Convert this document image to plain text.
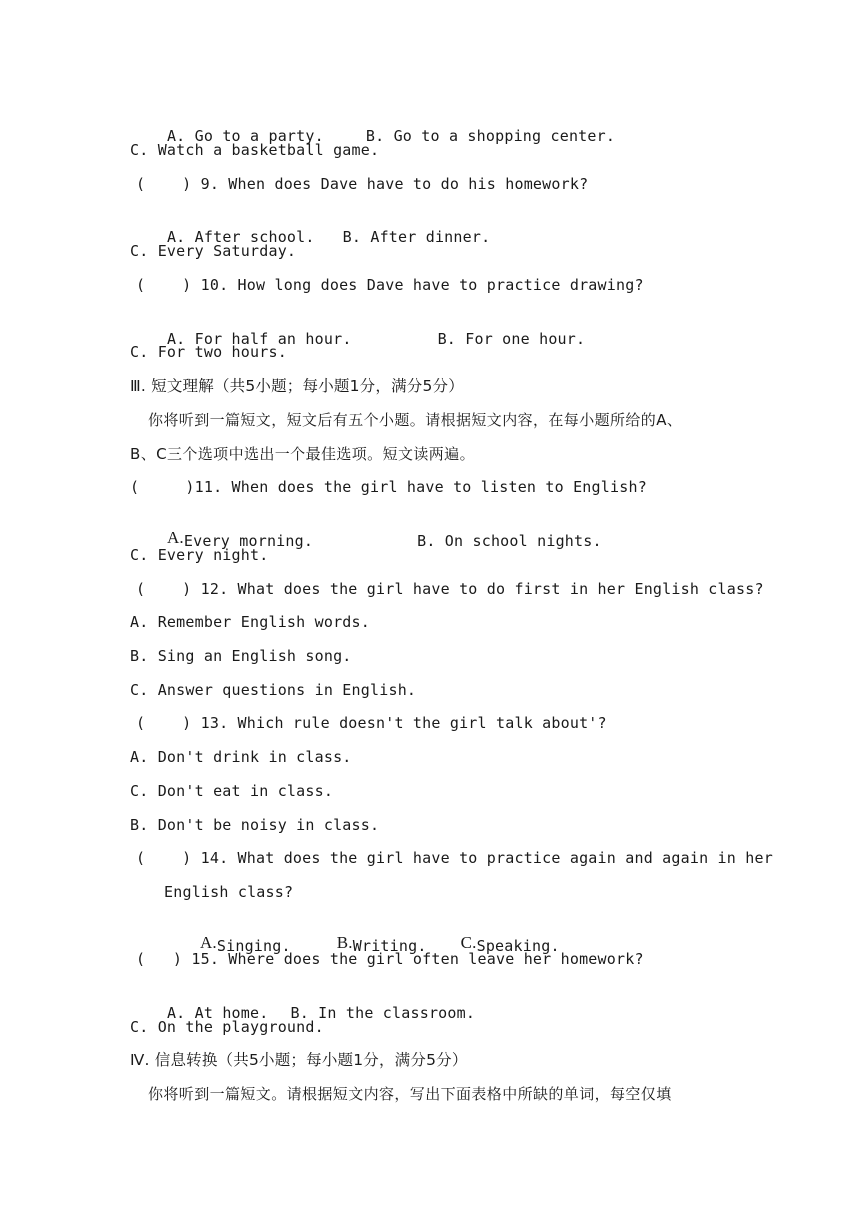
A. Go to a party.	B. Go to a shopping center.

C. Watch a basketball game.
(    ) 9. When does Dave have to do his homework?

A. After school. B. After dinner.

C. Every Saturday.
(    ) 10. How long does Dave have to practice drawing?

A. For half an hour.	B. For one hour.

C. For two hours.
Ⅲ. 短文理解（共5小题；每小题1分，满分5分）
你将听到一篇短文，短文后有五个小题。请根据短文内容，在每小题所给的A、
B、C三个选项中选出一个最佳选项。短文读两遍。
(     )11. When does the girl have to listen to English?

A.Every morning.	B. On school nights.

C. Every night.
(    ) 12. What does the girl have to do first in her English class?
A. Remember English words.
B. Sing an English song.
C. Answer questions in English.
(    ) 13. Which rule doesn't the girl talk about'?
A. Don't drink in class.
C. Don't eat in class.
B. Don't be noisy in class.
(    ) 14. What does the girl have to practice again and again in her
English class?

A.Singing.	B.Writing. C.Speaking.

(   ) 15. Where does the girl often leave her homework?

A. At home. B. In the classroom.

C. On the playground.
Ⅳ. 信息转换（共5小题；每小题1分，满分5分）
你将听到一篇短文。请根据短文内容，写出下面表格中所缺的单词，每空仅填
